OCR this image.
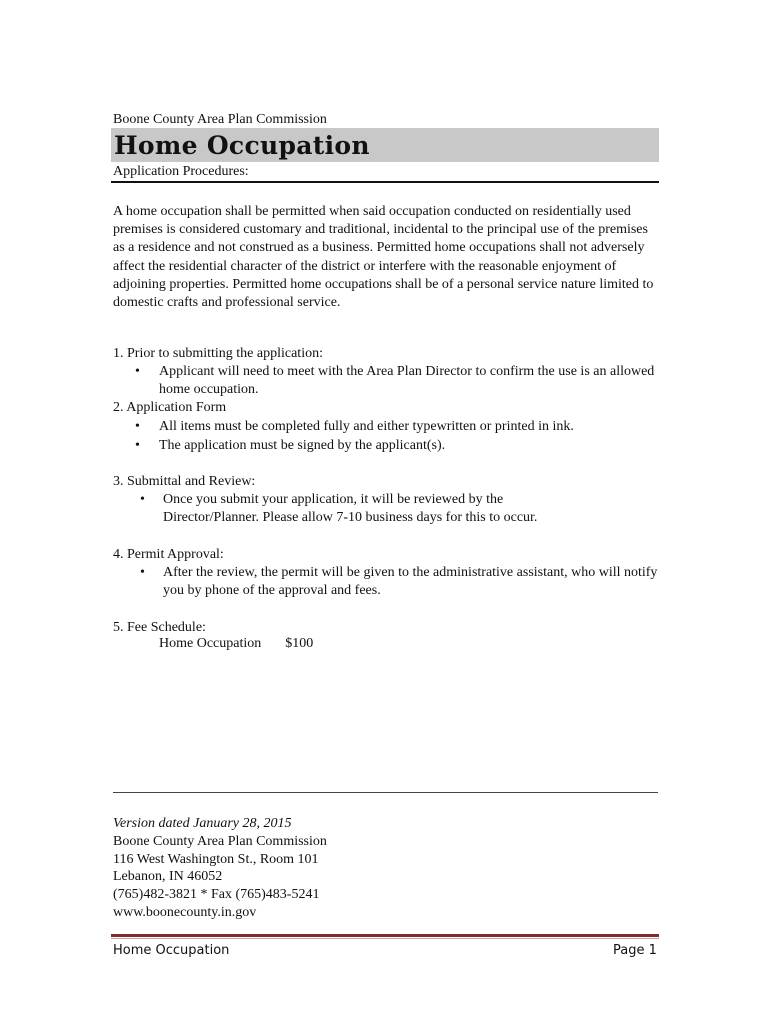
Boone County Area Plan Commission
Home Occupation
Application Procedures:
A home occupation shall be permitted when said occupation conducted on residentially used premises is considered customary and traditional, incidental to the principal use of the premises as a residence and not construed as a business. Permitted home occupations shall not adversely affect the residential character of the district or interfere with the reasonable enjoyment of adjoining properties. Permitted home occupations shall be of a personal service nature limited to domestic crafts and professional service.
1. Prior to submitting the application:
• Applicant will need to meet with the Area Plan Director to confirm the use is an allowed home occupation.
2. Application Form
• All items must be completed fully and either typewritten or printed in ink.
• The application must be signed by the applicant(s).
3. Submittal and Review:
• Once you submit your application, it will be reviewed by the Director/Planner. Please allow 7-10 business days for this to occur.
4. Permit Approval:
• After the review, the permit will be given to the administrative assistant, who will notify you by phone of the approval and fees.
5. Fee Schedule:
Home Occupation $100
Version dated January 28, 2015
Boone County Area Plan Commission
116 West Washington St., Room 101
Lebanon, IN 46052
(765)482-3821 * Fax (765)483-5241
www.boonecounty.in.gov
Home Occupation	Page 1
